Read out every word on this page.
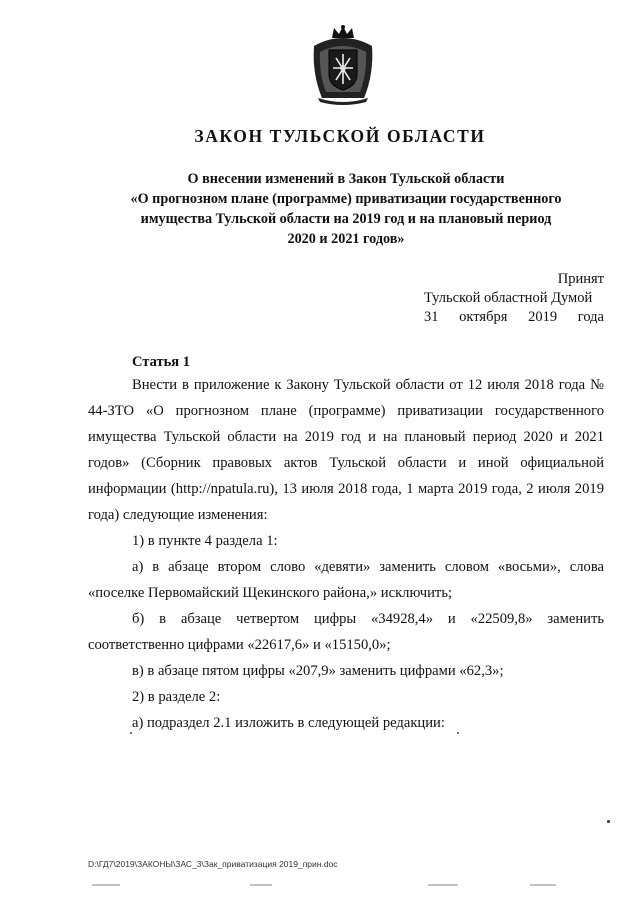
ЗАКОН ТУЛЬСКОЙ ОБЛАСТИ
О внесении изменений в Закон Тульской области
«О прогнозном плане (программе) приватизации государственного
имущества Тульской области на 2019 год и на плановый период
2020 и 2021 годов»
Принят
Тульской областной Думой
31 октября 2019 года
Статья 1

Внести в приложение к Закону Тульской области от 12 июля 2018 года № 44-ЗТО «О прогнозном плане (программе) приватизации государственного имущества Тульской области на 2019 год и на плановый период 2020 и 2021 годов» (Сборник правовых актов Тульской области и иной официальной информации (http://npatula.ru), 13 июля 2018 года, 1 марта 2019 года, 2 июля 2019 года) следующие изменения:

1) в пункте 4 раздела 1:

а) в абзаце втором слово «девяти» заменить словом «восьми», слова «поселке Первомайский Щекинского района,» исключить;

б) в абзаце четвертом цифры «34928,4» и «22509,8» заменить соответственно цифрами «22617,6» и «15150,0»;

в) в абзаце пятом цифры «207,9» заменить цифрами «62,3»;

2) в разделе 2:

а) подраздел 2.1 изложить в следующей редакции:

D:\ГД7\2019\ЗАКОНЫ\ЗАС_3\Зак_приватизация 2019_прин.doc
